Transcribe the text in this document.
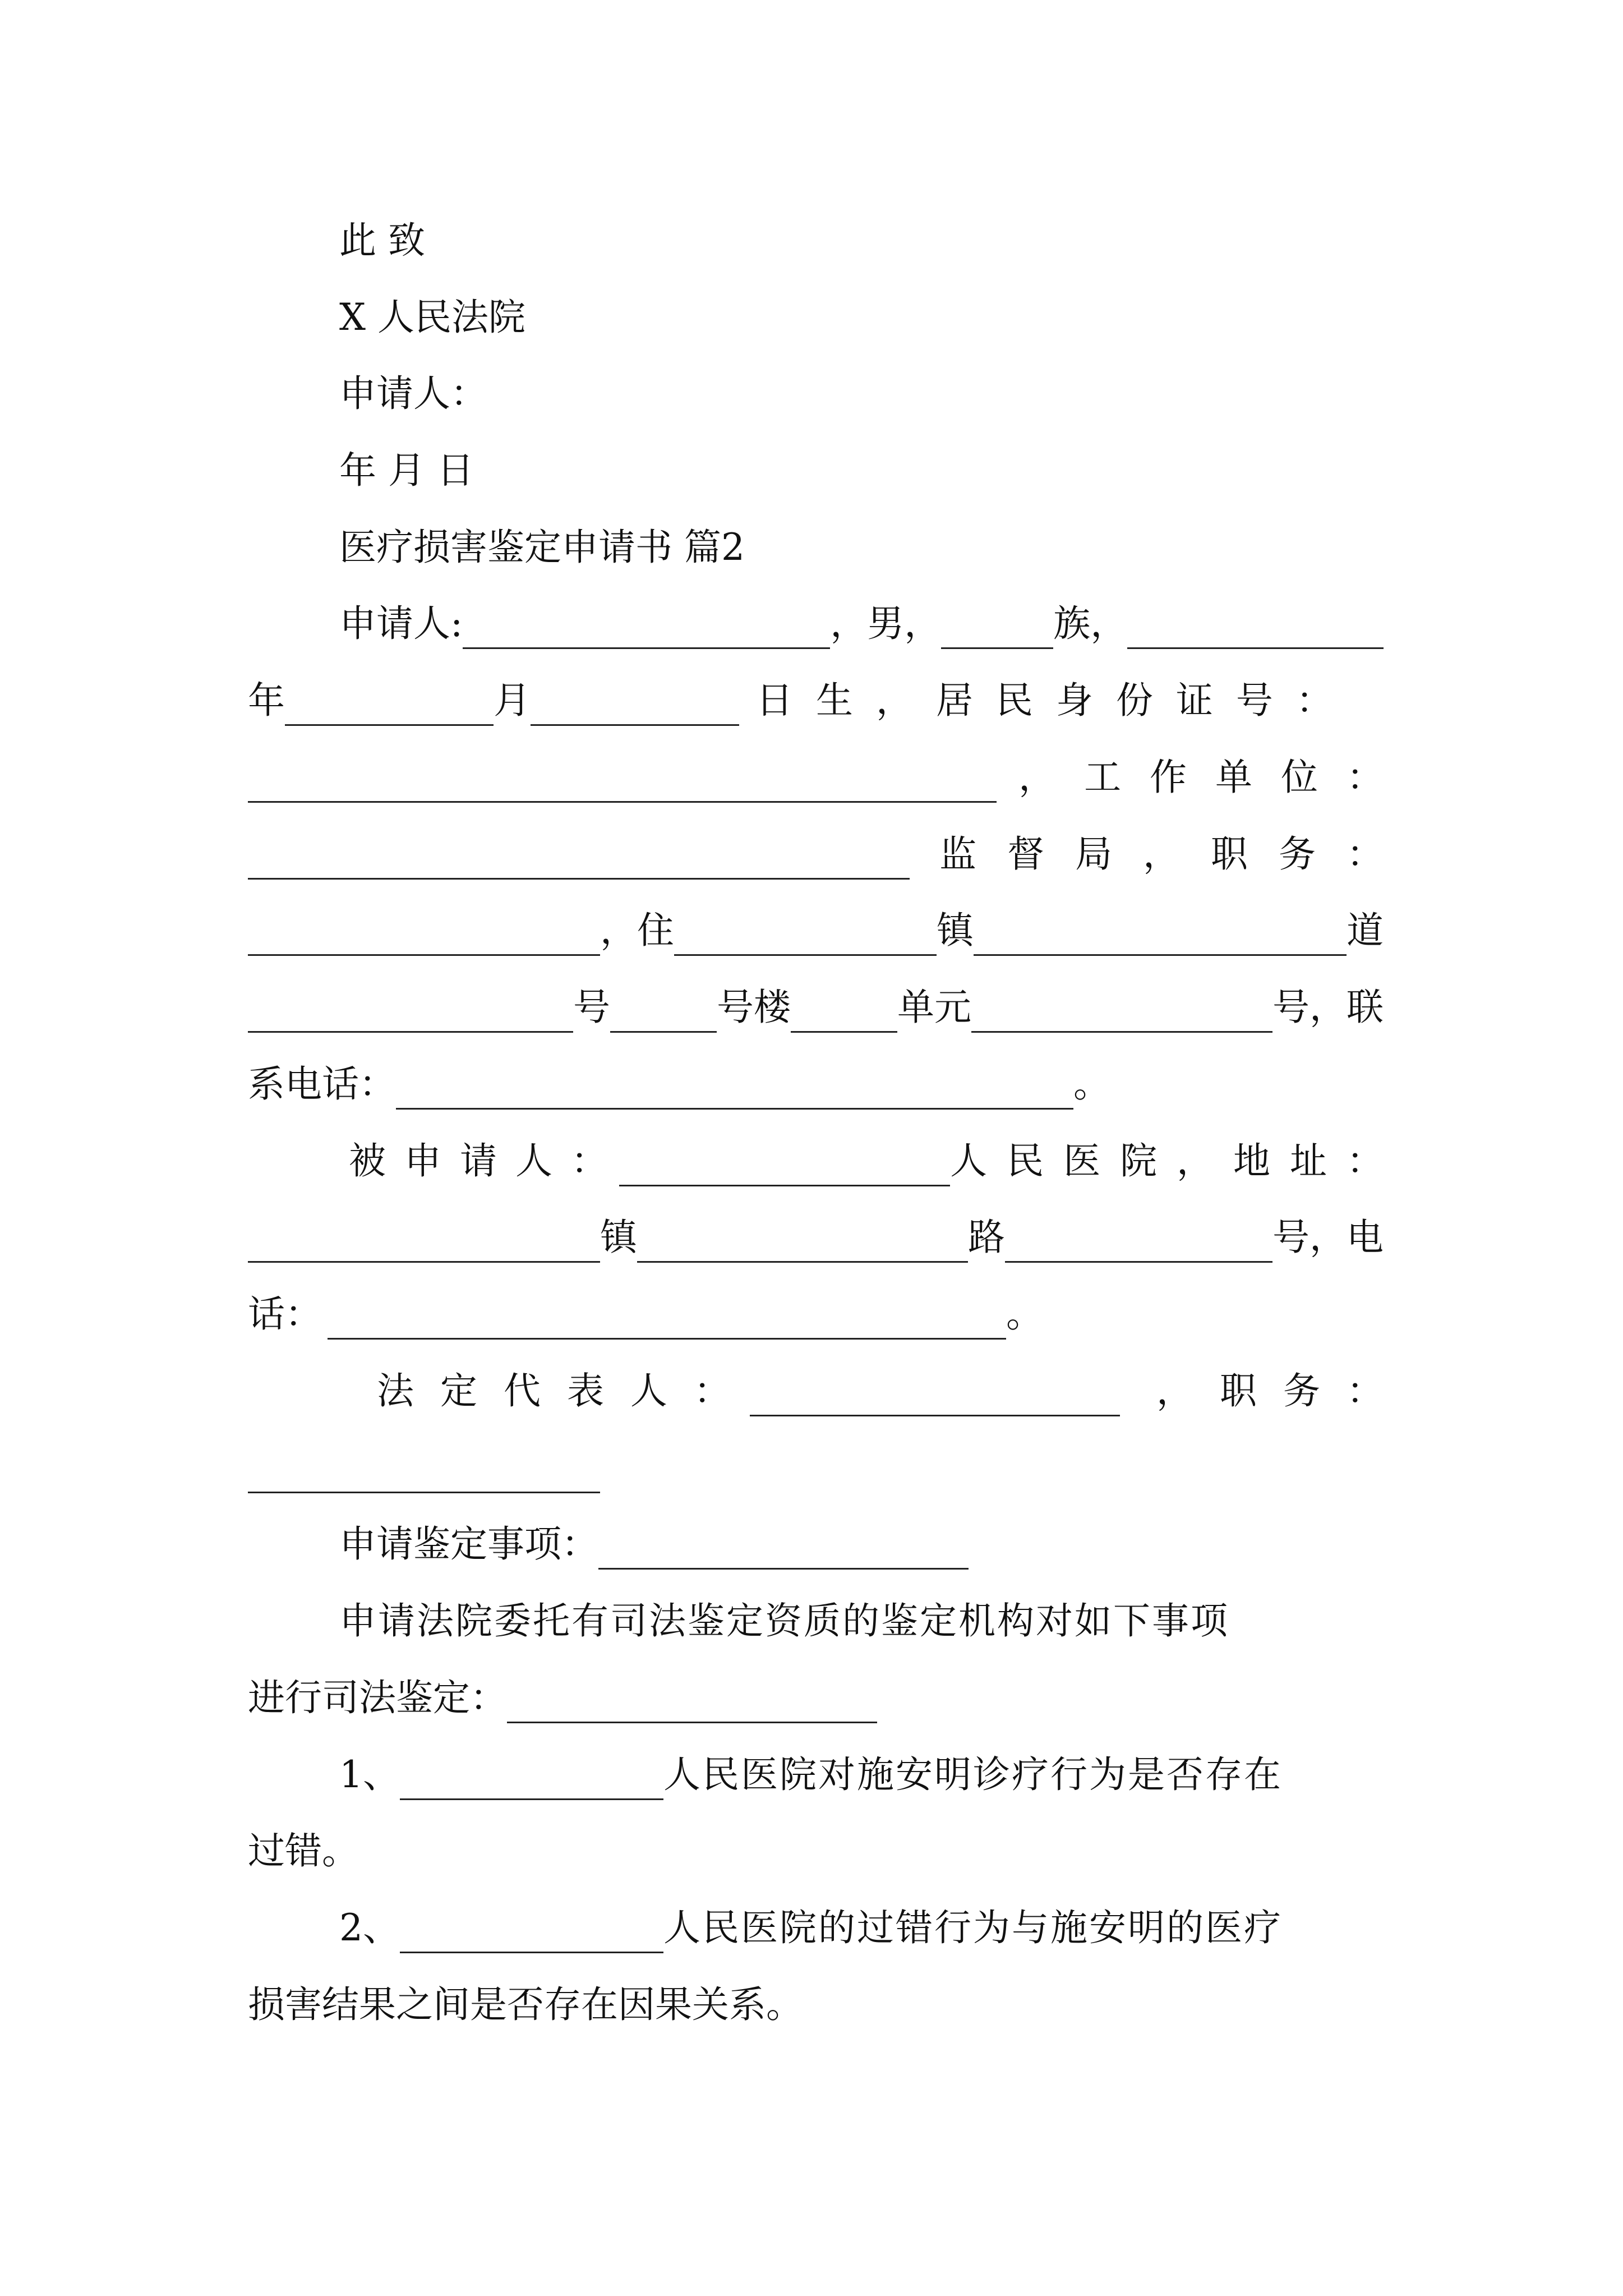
此 致
X 人民法院
申请人：
年 月 日
医疗损害鉴定申请书 篇2
申请人:	，男，	族，
年	月	日 生 ， 居 民 身 份 证 号 ：
， 工 作 单 位 ：
监 督 局 ， 职 务 ：
，住	镇	道
号	号楼	单元	号，联
系电话：	。
被 申 请 人 ：	人 民 医 院 ， 地 址 ：
镇	路	号，电
话：	。
法 定 代 表 人 ：	， 职 务 ：
申请鉴定事项：
申请法院委托有司法鉴定资质的鉴定机构对如下事项
进行司法鉴定：
1、	人民医院对施安明诊疗行为是否存在
过错。
2、	人民医院的过错行为与施安明的医疗
损害结果之间是否存在因果关系。
